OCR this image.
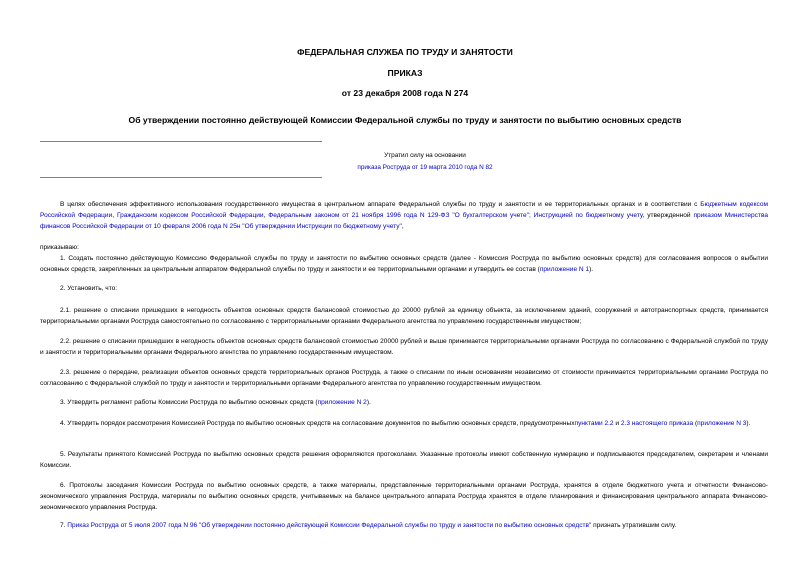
ФЕДЕРАЛЬНАЯ СЛУЖБА ПО ТРУДУ И ЗАНЯТОСТИ
ПРИКАЗ
от 23 декабря 2008 года N 274
Об утверждении постоянно действующей Комиссии Федеральной службы по труду и занятости по выбытию основных средств
Утратил силу на основании
приказа Роструда от 19 марта 2010 года N 82
В целях обеспечения эффективного использования государственного имущества в центральном аппарате Федеральной службы по труду и занятости и ее территориальных органах и в соответствии с Бюджетным кодексом Российской Федерации, Гражданским кодексом Российской Федерации, Федеральным законом от 21 ноября 1996 года N 129-ФЗ "О бухгалтерском учете"; Инструкцией по бюджетному учету, утвержденной приказом Министерства финансов Российской Федерации от 10 февраля 2006 года N 25н "Об утверждении Инструкции по бюджетному учету",
приказываю:
1. Создать постоянно действующую Комиссию Федеральной службы по труду и занятости по выбытию основных средств (далее - Комиссия Роструда по выбытию основных средств) для согласования вопросов о выбытии основных средств, закрепленных за центральным аппаратом Федеральной службы по труду и занятости и ее территориальными органами и утвердить ее состав (приложение N 1).
2. Установить, что:
2.1. решение о списании пришедших в негодность объектов основных средств балансовой стоимостью до 20000 рублей за единицу объекта, за исключением зданий, сооружений и автотранспортных средств, принимается территориальными органами Роструда самостоятельно по согласованию с территориальными органами Федерального агентства по управлению государственным имуществом;
2.2. решение о списании пришедших в негодность объектов основных средств балансовой стоимостью 20000 рублей и выше принимается территориальными органами Роструда по согласованию с Федеральной службой по труду и занятости и территориальными органами Федерального агентства по управлению государственным имуществом.
2.3. решение о передаче, реализации объектов основных средств территориальных органов Роструда, а также о списании по иным основаниям независимо от стоимости принимается территориальными органами Роструда по согласованию с Федеральной службой по труду и занятости и территориальными органами Федерального агентства по управлению государственным имуществом.
3. Утвердить регламент работы Комиссии Роструда по выбытию основных средств (приложение N 2).
4. Утвердить порядок рассмотрения Комиссией Роструда по выбытию основных средств на согласование документов по выбытию основных средств, предусмотренныхпунктами 2.2 и 2.3 настоящего приказа (приложение N 3).
5. Результаты принятого Комиссией Роструда по выбытию основных средств решения оформляются протоколами. Указанные протоколы имеют собственную нумерацию и подписываются председателем, секретарем и членами Комиссии.
6. Протоколы заседания Комиссии Роструда по выбытию основных средств, а также материалы, представленные территориальными органами Роструда, хранятся в отделе бюджетного учета и отчетности Финансово-экономического управления Роструда, материалы по выбытию основных средств, учитываемых на балансе центрального аппарата Роструда хранятся в отделе планирования и финансирования центрального аппарата Финансово-экономического управления Роструда.
7. Приказ Роструда от 5 июля 2007 года N 96 "Об утверждении постоянно действующей Комиссии Федеральной службы по труду и занятости по выбытию основных средств" признать утратившим силу.
